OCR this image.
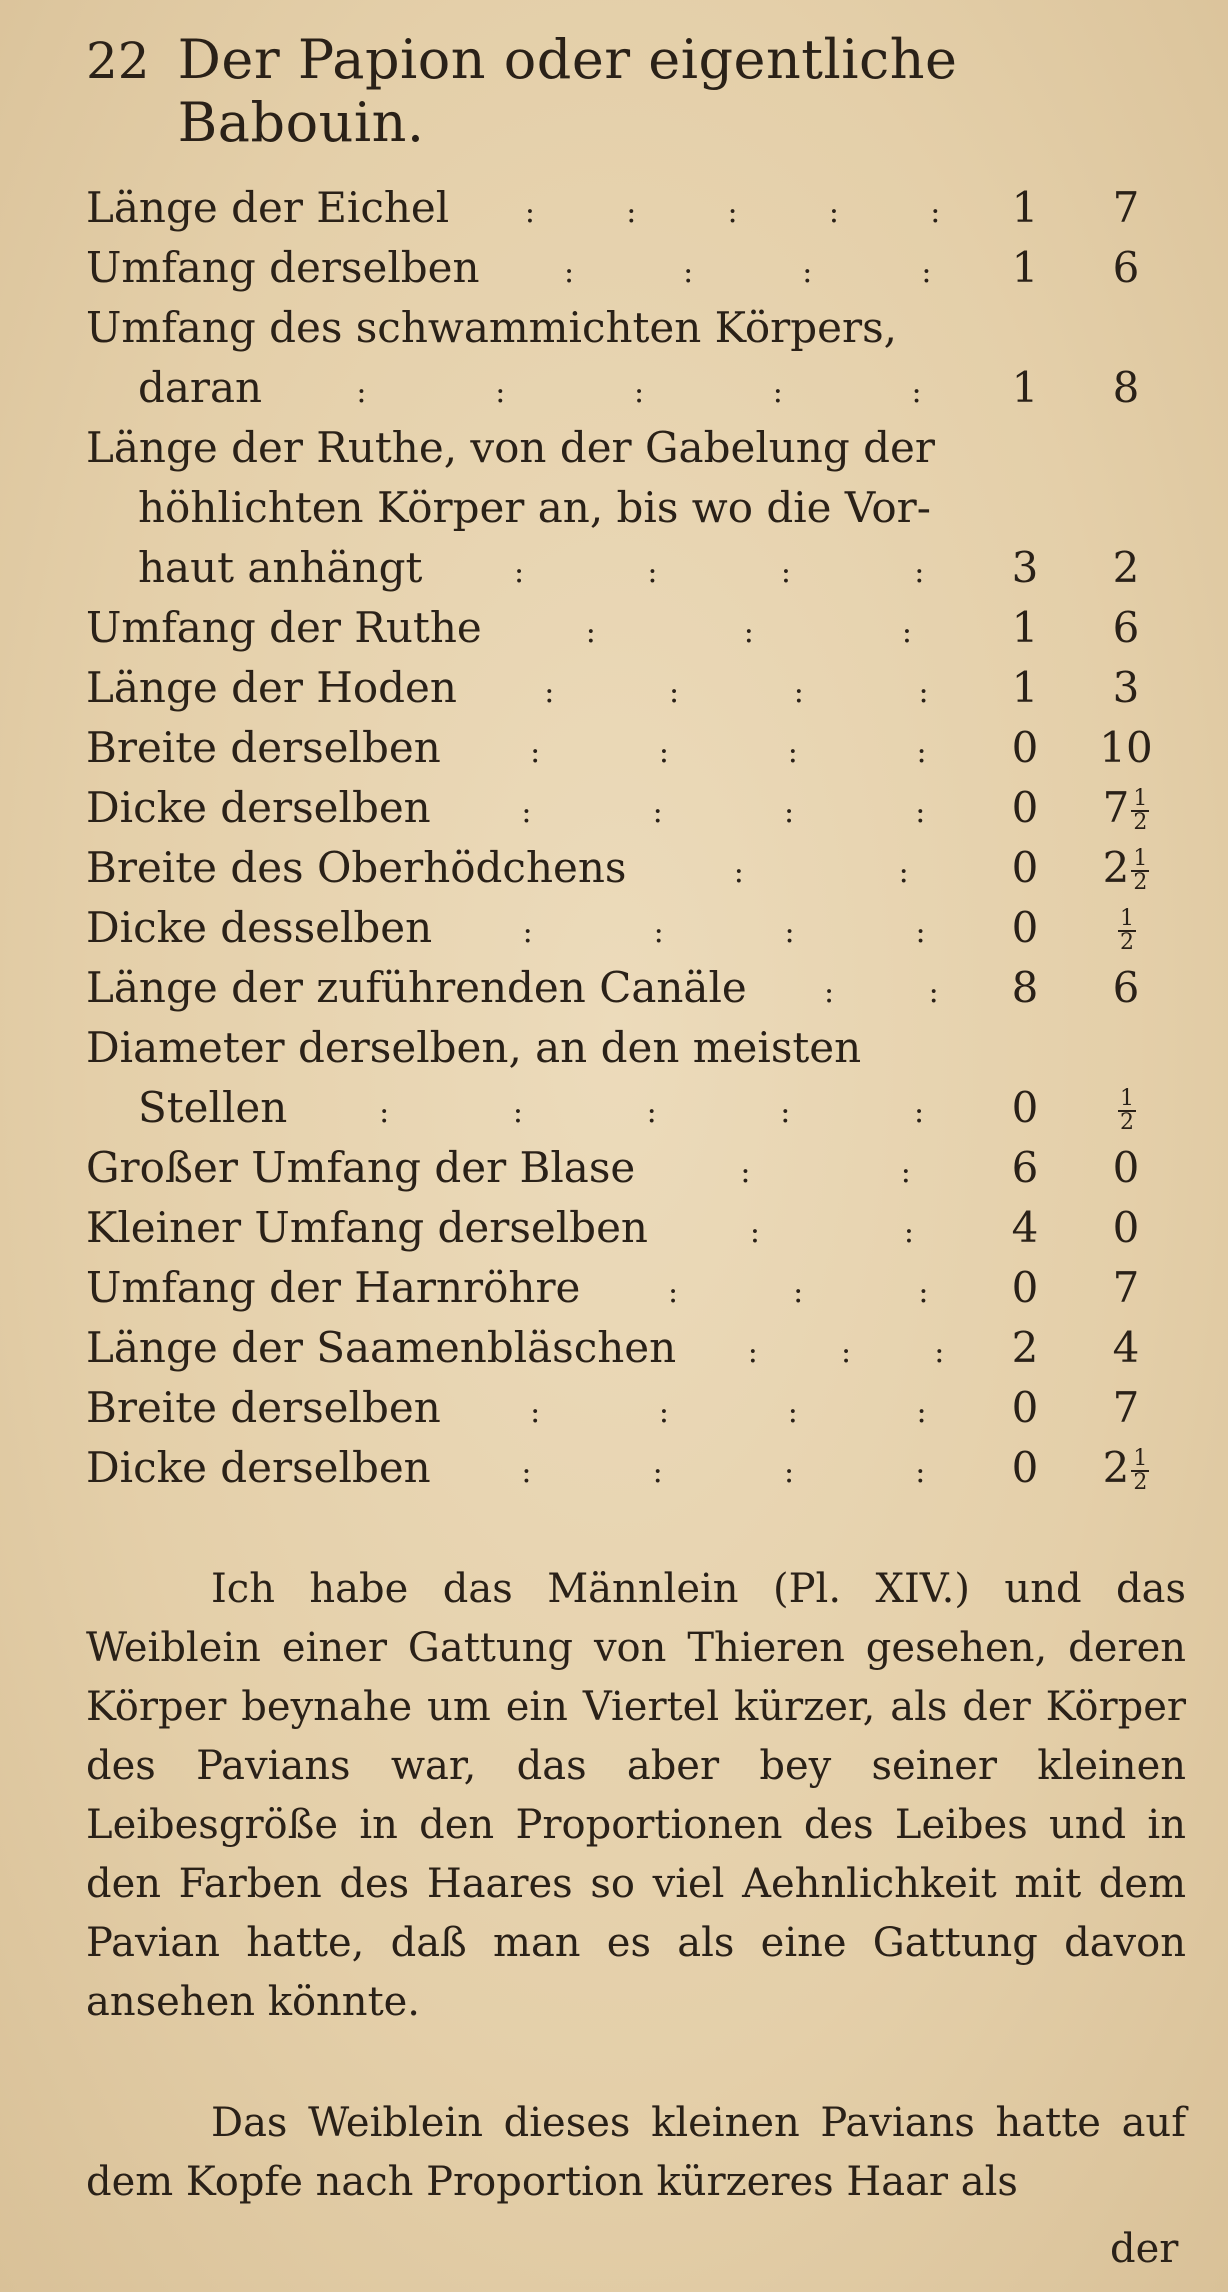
22 Der Papion oder eigentliche Babouin.
Länge der Eichel	:	:	:	:	:	1	7
Umfang derselben	:	:	:	:	1	6
Umfang des schwammichten Körpers,
daran	:	:	:	:	:	1	8
Länge der Ruthe, von der Gabelung der
höhlichten Körper an, bis wo die Vor-
haut anhängt	:	:	:	:	3	2
Umfang der Ruthe	:	:	:	1	6
Länge der Hoden	:	:	:	:	1	3
Breite derselben	:	:	:	:	0	10
Dicke derselben	:	:	:	:	0	$7 \frac{1}{2}$
Breite des Oberhödchens	:	:	0	$2 \frac{1}{2}$
Dicke desselben	:	:	:	:	0	$\frac{1}{2}$
Länge der zuführenden Canäle	:	:	8	6
Diameter derselben, an den meisten
Stellen	:	:	:	:	:	0	$\frac{1}{2}$
Großer Umfang der Blase	:	:	6	0
Kleiner Umfang derselben	:	:	4	0
Umfang der Harnröhre	:	:	:	0	7
Länge der Saamenbläschen :	:	:	2	4
Breite derselben	:	:	:	:	0	7
Dicke derselben	:	:	:	:	0	$2 \frac{1}{2}$

Ich habe das Männlein (Pl. XIV.) und das Weiblein einer Gattung von Thieren gesehen, deren Körper beynahe um ein Viertel kürzer, als der Körper des Pavians war, das aber bey seiner kleinen Leibesgröße in den Proportionen des Leibes und in den Farben des Haares so viel Aehnlichkeit mit dem Pavian hatte, daß man es als eine Gattung davon ansehen könnte.

Das Weiblein dieses kleinen Pavians hatte auf dem Kopfe nach Proportion kürzeres Haar als

der
